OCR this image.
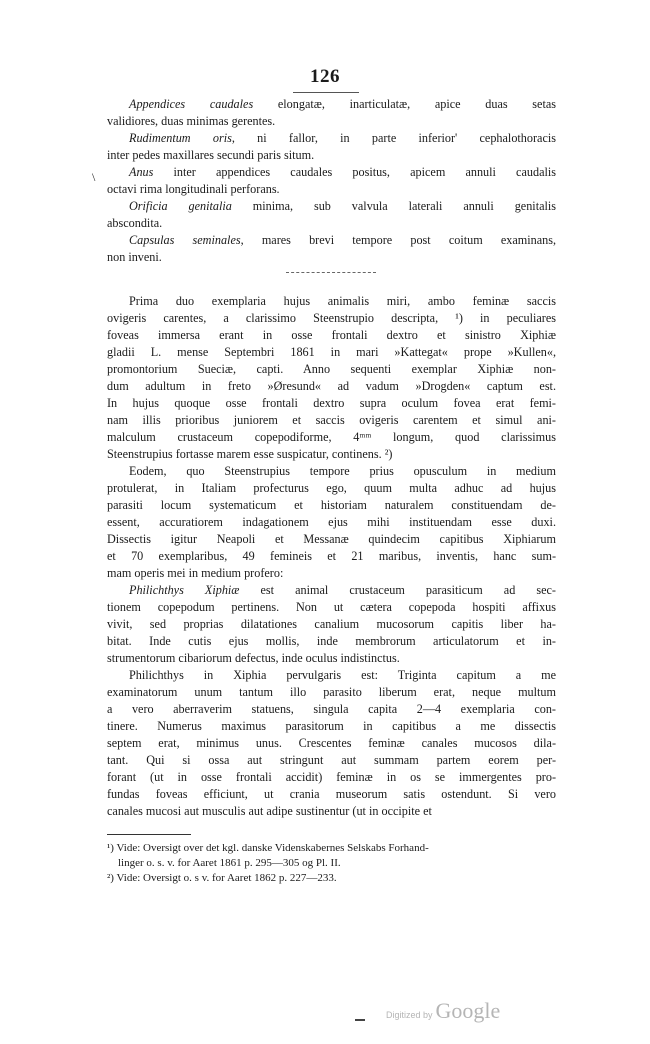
126
\

Appendices caudales elongatæ, inarticulatæ, apice duas setas
validiores, duas minimas gerentes.

Rudimentum oris, ni fallor, in parte inferior' cephalothoracis
inter pedes maxillares secundi paris situm.

Anus inter appendices caudales positus, apicem annuli caudalis
octavi rima longitudinali perforans.

Orificia genitalia minima, sub valvula laterali annuli genitalis
abscondita.

Capsulas seminales, mares brevi tempore post coitum examinans,
non inveni.

Prima duo exemplaria hujus animalis miri, ambo feminæ saccis
ovigeris carentes, a clarissimo Steenstrupio descripta, ¹) in peculiares
foveas immersa erant in osse frontali dextro et sinistro Xiphiæ
gladii L. mense Septembri 1861 in mari »Kattegat« prope »Kullen«,
promontorium Sueciæ, capti. Anno sequenti exemplar Xiphiæ non-
dum adultum in freto »Øresund« ad vadum »Drogden« captum est.
In hujus quoque osse frontali dextro supra oculum fovea erat femi-
nam illis prioribus juniorem et saccis ovigeris carentem et simul ani-
malculum crustaceum copepodiforme, 4ᵐᵐ longum, quod clarissimus
Steenstrupius fortasse marem esse suspicatur, continens. ²)

Eodem, quo Steenstrupius tempore prius opusculum in medium
protulerat, in Italiam profecturus ego, quum multa adhuc ad hujus
parasiti locum systematicum et historiam naturalem constituendam de-
essent, accuratiorem indagationem ejus mihi instituendam esse duxi.
Dissectis igitur Neapoli et Messanæ quindecim capitibus Xiphiarum
et 70 exemplaribus, 49 femineis et 21 maribus, inventis, hanc sum-
mam operis mei in medium profero:

Philichthys Xiphiæ est animal crustaceum parasiticum ad sec-
tionem copepodum pertinens. Non ut cætera copepoda hospiti affixus
vivit, sed proprias dilatationes canalium mucosorum capitis liber ha-
bitat. Inde cutis ejus mollis, inde membrorum articulatorum et in-
strumentorum cibariorum defectus, inde oculus indistinctus.

Philichthys in Xiphia pervulgaris est: Triginta capitum a me
examinatorum unum tantum illo parasito liberum erat, neque multum
a vero aberraverim statuens, singula capita 2—4 exemplaria con-
tinere. Numerus maximus parasitorum in capitibus a me dissectis
septem erat, minimus unus. Crescentes feminæ canales mucosos dila-
tant. Qui si ossa aut stringunt aut summam partem eorem per-
forant (ut in osse frontali accidit) feminæ in os se immergentes pro-
fundas foveas efficiunt, ut crania museorum satis ostendunt. Si vero
canales mucosi aut musculis aut adipe sustinentur (ut in occipite et

¹) Vide: Oversigt over det kgl. danske Videnskabernes Selskabs Forhand-
linger o. s. v. for Aaret 1861 p. 295—305 og Pl. II.
²) Vide: Oversigt o. s v. for Aaret 1862 p. 227—233.
Digitized by Google
